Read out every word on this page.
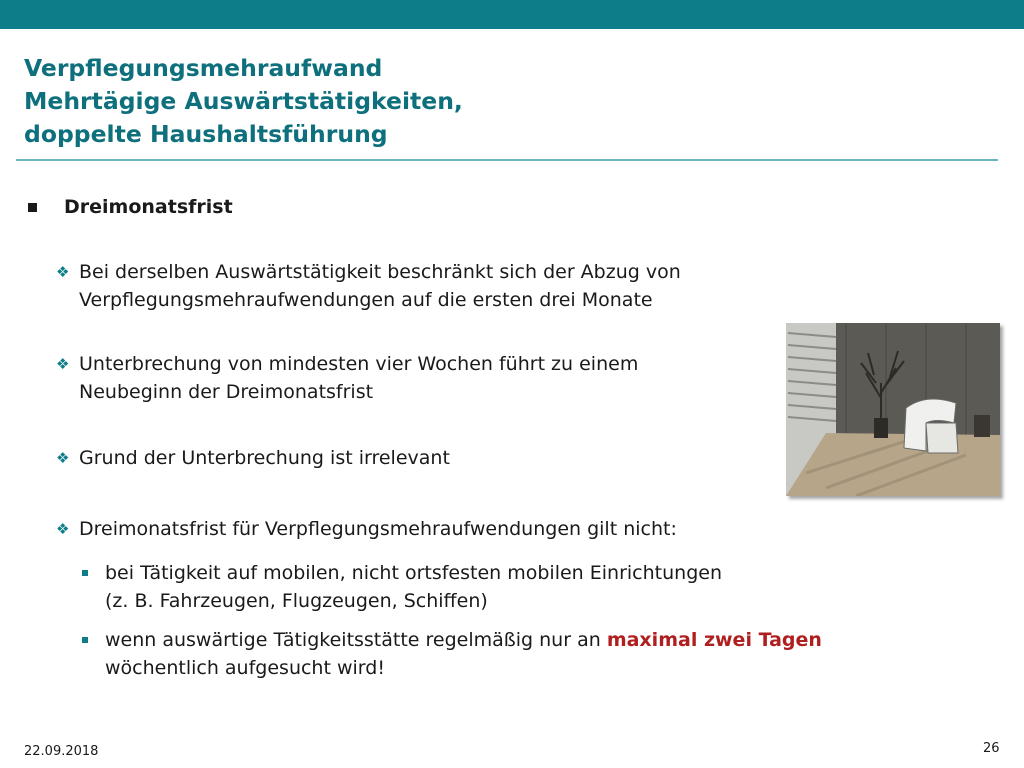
Verpflegungsmehraufwand
Mehrtägige Auswärtstätigkeiten,
doppelte Haushaltsführung
Dreimonatsfrist
❖ Bei derselben Auswärtstätigkeit beschränkt sich der Abzug von
Verpflegungsmehraufwendungen auf die ersten drei Monate
❖ Unterbrechung von mindesten vier Wochen führt zu einem
Neubeginn der Dreimonatsfrist
❖ Grund der Unterbrechung ist irrelevant
❖ Dreimonatsfrist für Verpflegungsmehraufwendungen gilt nicht:
bei Tätigkeit auf mobilen, nicht ortsfesten mobilen Einrichtungen
(z. B. Fahrzeugen, Flugzeugen, Schiffen)
wenn auswärtige Tätigkeitsstätte regelmäßig nur an maximal zwei Tagen
wöchentlich aufgesucht wird!
22.09.2018	26
